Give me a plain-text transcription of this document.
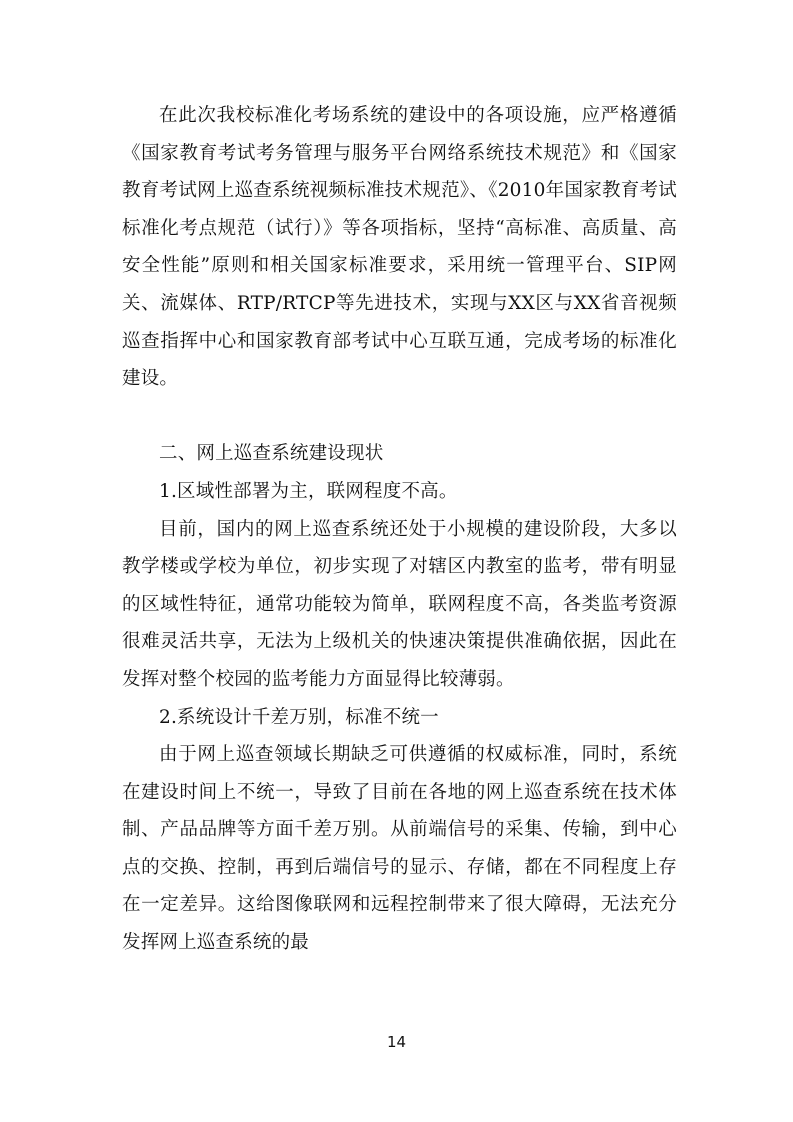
在此次我校标准化考场系统的建设中的各项设施，应严格遵循《国家教育考试考务管理与服务平台网络系统技术规范》和《国家教育考试网上巡查系统视频标准技术规范》、《2010年国家教育考试标准化考点规范（试行）》等各项指标，坚持“高标准、高质量、高安全性能”原则和相关国家标准要求，采用统一管理平台、SIP网关、流媒体、RTP/RTCP等先进技术，实现与XX区与XX省音视频巡查指挥中心和国家教育部考试中心互联互通，完成考场的标准化建设。

二、网上巡查系统建设现状

1.区域性部署为主，联网程度不高。

目前，国内的网上巡查系统还处于小规模的建设阶段，大多以教学楼或学校为单位，初步实现了对辖区内教室的监考，带有明显的区域性特征，通常功能较为简单，联网程度不高，各类监考资源很难灵活共享，无法为上级机关的快速决策提供准确依据，因此在发挥对整个校园的监考能力方面显得比较薄弱。

2.系统设计千差万别，标准不统一

由于网上巡查领域长期缺乏可供遵循的权威标准，同时，系统在建设时间上不统一，导致了目前在各地的网上巡查系统在技术体制、产品品牌等方面千差万别。从前端信号的采集、传输，到中心点的交换、控制，再到后端信号的显示、存储，都在不同程度上存在一定差异。这给图像联网和远程控制带来了很大障碍，无法充分发挥网上巡查系统的最

14
